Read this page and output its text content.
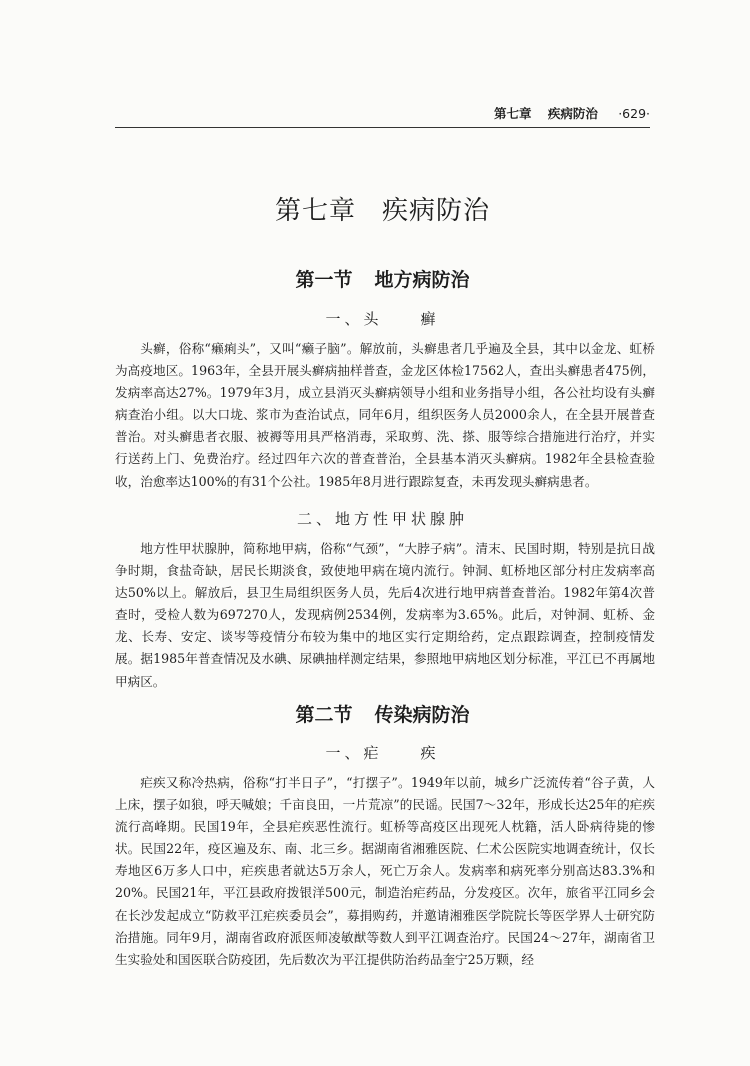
第七章 疾病防治 ·629·
第七章 疾病防治
第一节 地方病防治
一、头　　癣

头癣，俗称“癞痢头”，又叫“癞子脑”。解放前，头癣患者几乎遍及全县，其中以金龙、虹桥为高疫地区。1963年，全县开展头癣病抽样普查，金龙区体检17562人，查出头癣患者475例，发病率高达27%。1979年3月，成立县消灭头癣病领导小组和业务指导小组，各公社均设有头癣病查治小组。以大口垅、浆市为查治试点，同年6月，组织医务人员2000余人，在全县开展普查普治。对头癣患者衣服、被褥等用具严格消毒，采取剪、洗、搽、服等综合措施进行治疗，并实行送药上门、免费治疗。经过四年六次的普查普治，全县基本消灭头癣病。1982年全县检查验收，治愈率达100%的有31个公社。1985年8月进行跟踪复查，未再发现头癣病患者。

二、地方性甲状腺肿

地方性甲状腺肿，简称地甲病，俗称“气颈”，“大脖子病”。清末、民国时期，特别是抗日战争时期，食盐奇缺，居民长期淡食，致使地甲病在境内流行。钟洞、虹桥地区部分村庄发病率高达50%以上。解放后，县卫生局组织医务人员，先后4次进行地甲病普查普治。1982年第4次普查时，受检人数为697270人，发现病例2534例，发病率为3.65%。此后，对钟洞、虹桥、金龙、长寿、安定、谈岑等疫情分布较为集中的地区实行定期给药，定点跟踪调查，控制疫情发展。据1985年普查情况及水碘、尿碘抽样测定结果，参照地甲病地区划分标准，平江已不再属地甲病区。

第二节 传染病防治
一、疟　　疾

疟疾又称冷热病，俗称“打半日子”，“打摆子”。1949年以前，城乡广泛流传着“谷子黄，人上床，摆子如狼，呼天喊娘；千亩良田，一片荒凉”的民谣。民国7～32年，形成长达25年的疟疾流行高峰期。民国19年，全县疟疾恶性流行。虹桥等高疫区出现死人枕籍，活人卧病待毙的惨状。民国22年，疫区遍及东、南、北三乡。据湖南省湘雅医院、仁术公医院实地调查统计，仅长寿地区6万多人口中，疟疾患者就达5万余人，死亡万余人。发病率和病死率分别高达83.3%和20%。民国21年，平江县政府拨银洋500元，制造治疟药品，分发疫区。次年，旅省平江同乡会在长沙发起成立“防救平江疟疾委员会”，募捐购药，并邀请湘雅医学院院长等医学界人士研究防治措施。同年9月，湖南省政府派医师凌敏猷等数人到平江调查治疗。民国24～27年，湖南省卫生实验处和国医联合防疫团，先后数次为平江提供防治药品奎宁25万颗，经
